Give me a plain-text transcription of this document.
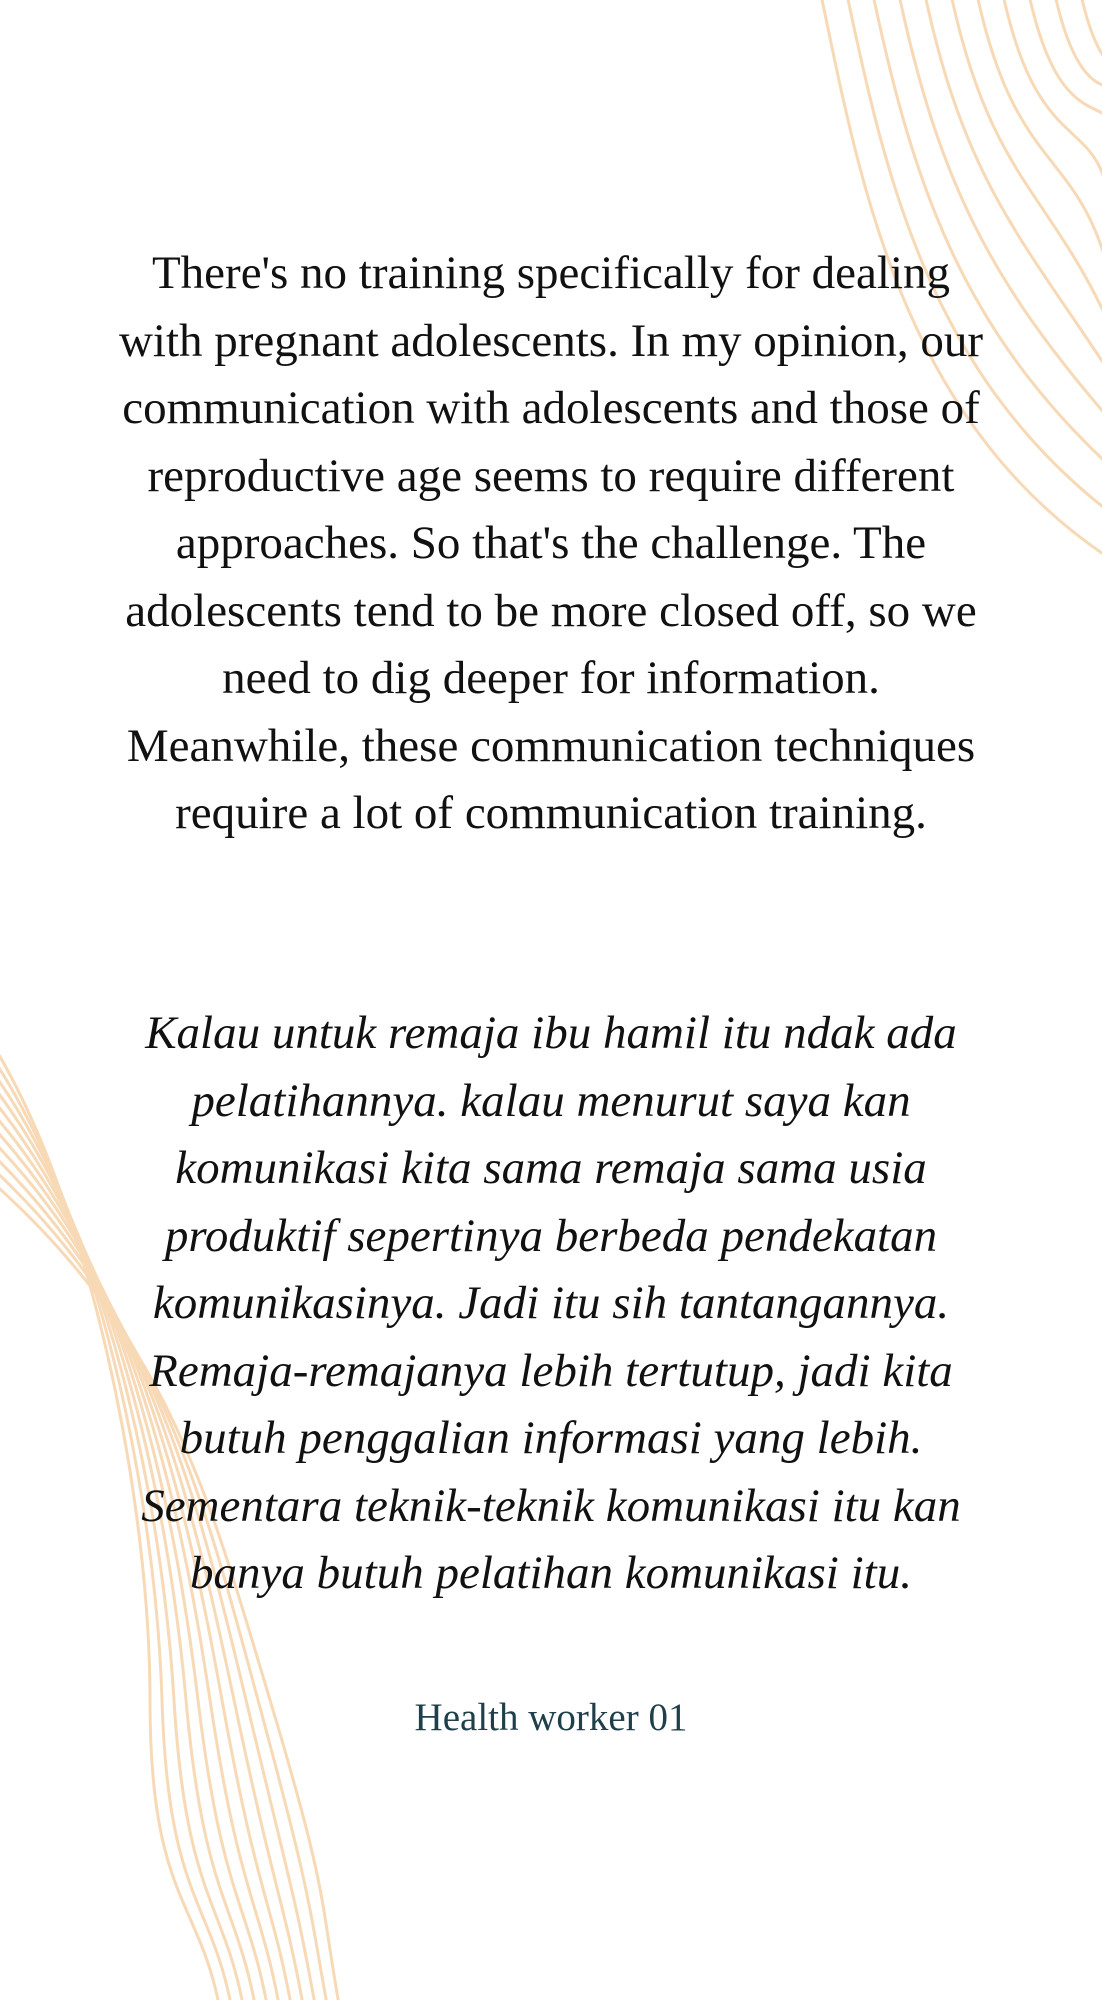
There's no training specifically for dealing with pregnant adolescents. In my opinion, our communication with adolescents and those of reproductive age seems to require different approaches. So that's the challenge. The adolescents tend to be more closed off, so we need to dig deeper for information. Meanwhile, these communication techniques require a lot of communication training.

Kalau untuk remaja ibu hamil itu ndak ada pelatihannya. kalau menurut saya kan komunikasi kita sama remaja sama usia produktif sepertinya berbeda pendekatan komunikasinya. Jadi itu sih tantangannya. Remaja-remajanya lebih tertutup, jadi kita butuh penggalian informasi yang lebih. Sementara teknik-teknik komunikasi itu kan banya butuh pelatihan komunikasi itu.

Health worker 01
